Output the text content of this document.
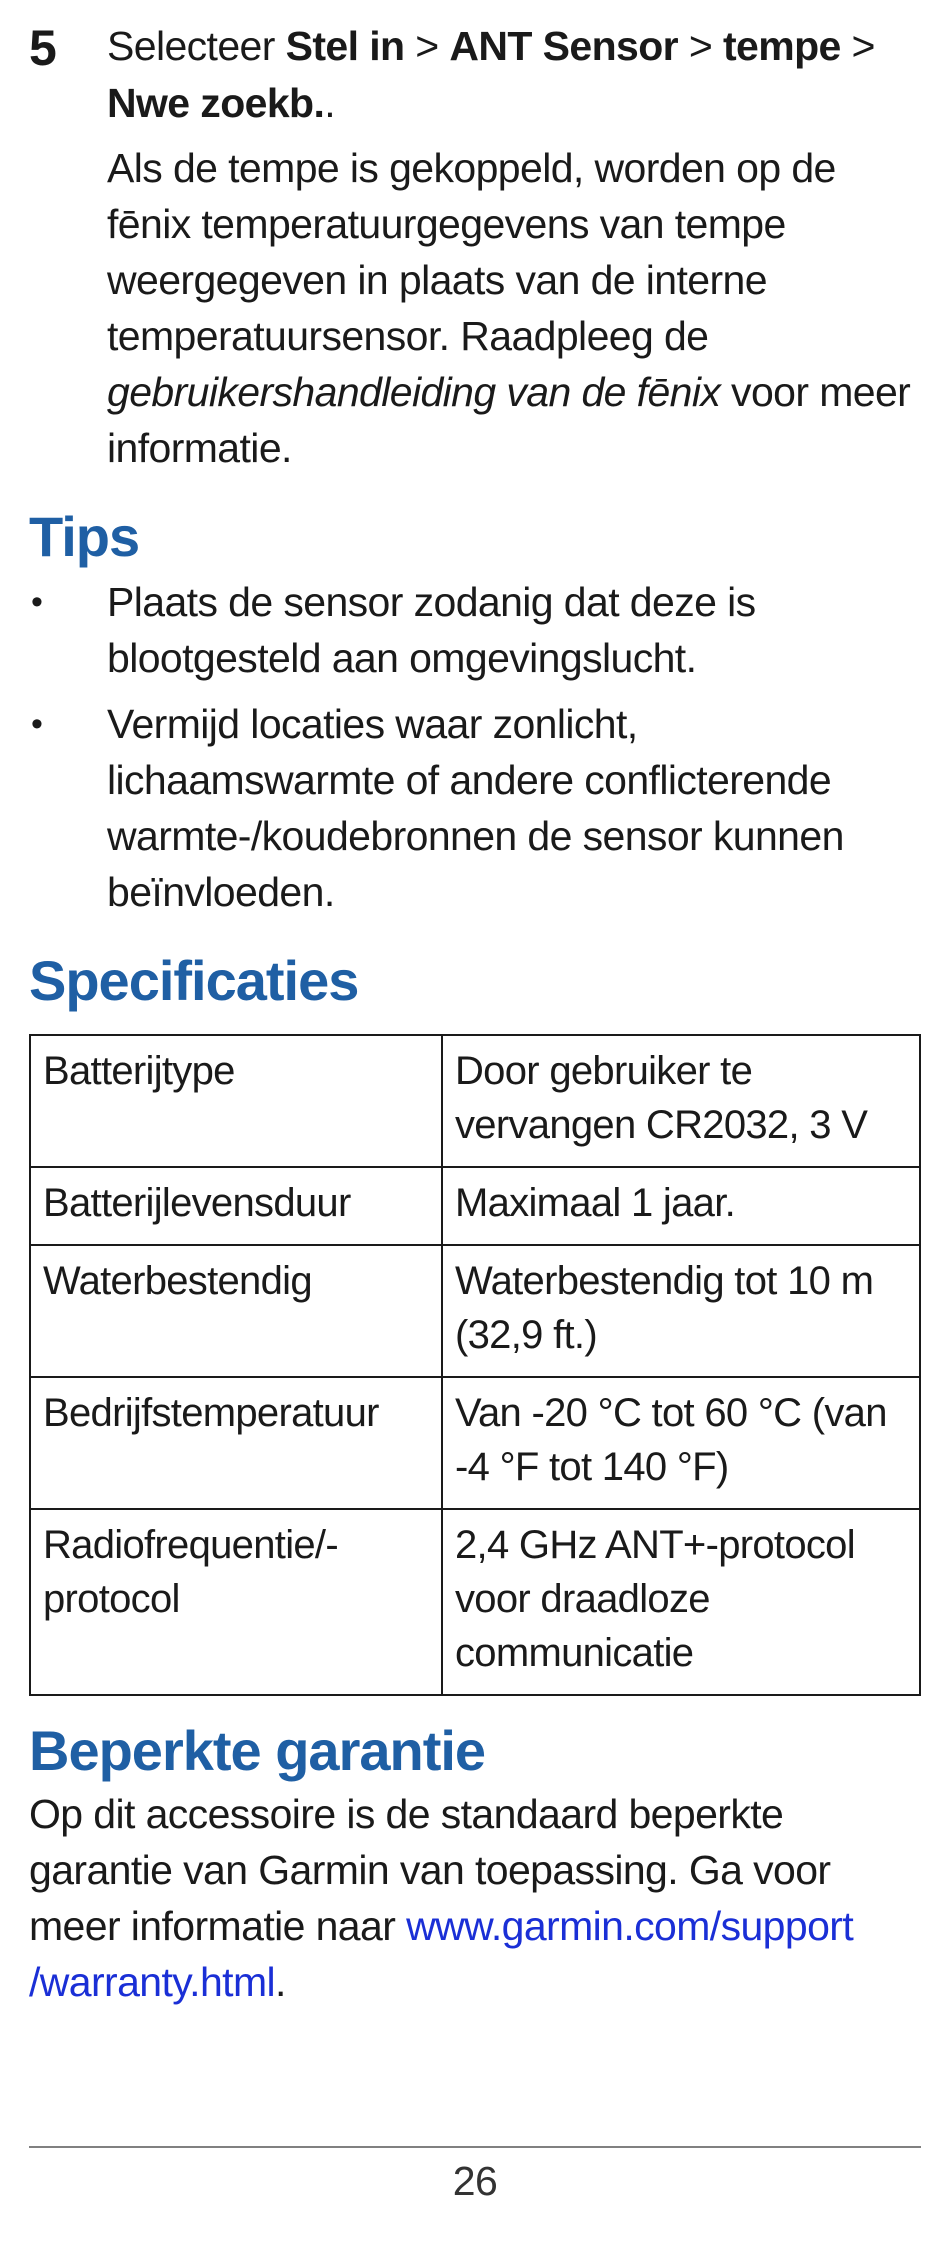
5 Selecteer Stel in > ANT Sensor > tempe >
Nwe zoekb..
Als de tempe is gekoppeld, worden op de fēnix temperatuurgegevens van tempe weergegeven in plaats van de interne temperatuursensor. Raadpleeg de gebruikershandleiding van de fēnix voor meer informatie.
Tips
• Plaats de sensor zodanig dat deze is blootgesteld aan omgevingslucht.
• Vermijd locaties waar zonlicht, lichaamswarmte of andere conflicterende warmte-/koudebronnen de sensor kunnen beïnvloeden.
Specificaties
Batterijtype	Door gebruiker te vervangen CR2032, 3 V
Batterijlevensduur	Maximaal 1 jaar.
Waterbestendig	Waterbestendig tot 10 m (32,9 ft.)
Bedrijfstemperatuur	Van -20 °C tot 60 °C (van -4 °F tot 140 °F)
Radiofrequentie/-protocol	2,4 GHz ANT+-protocol voor draadloze communicatie
Beperkte garantie
Op dit accessoire is de standaard beperkte garantie van Garmin van toepassing. Ga voor meer informatie naar www.garmin.com/support
/warranty.html.
26
